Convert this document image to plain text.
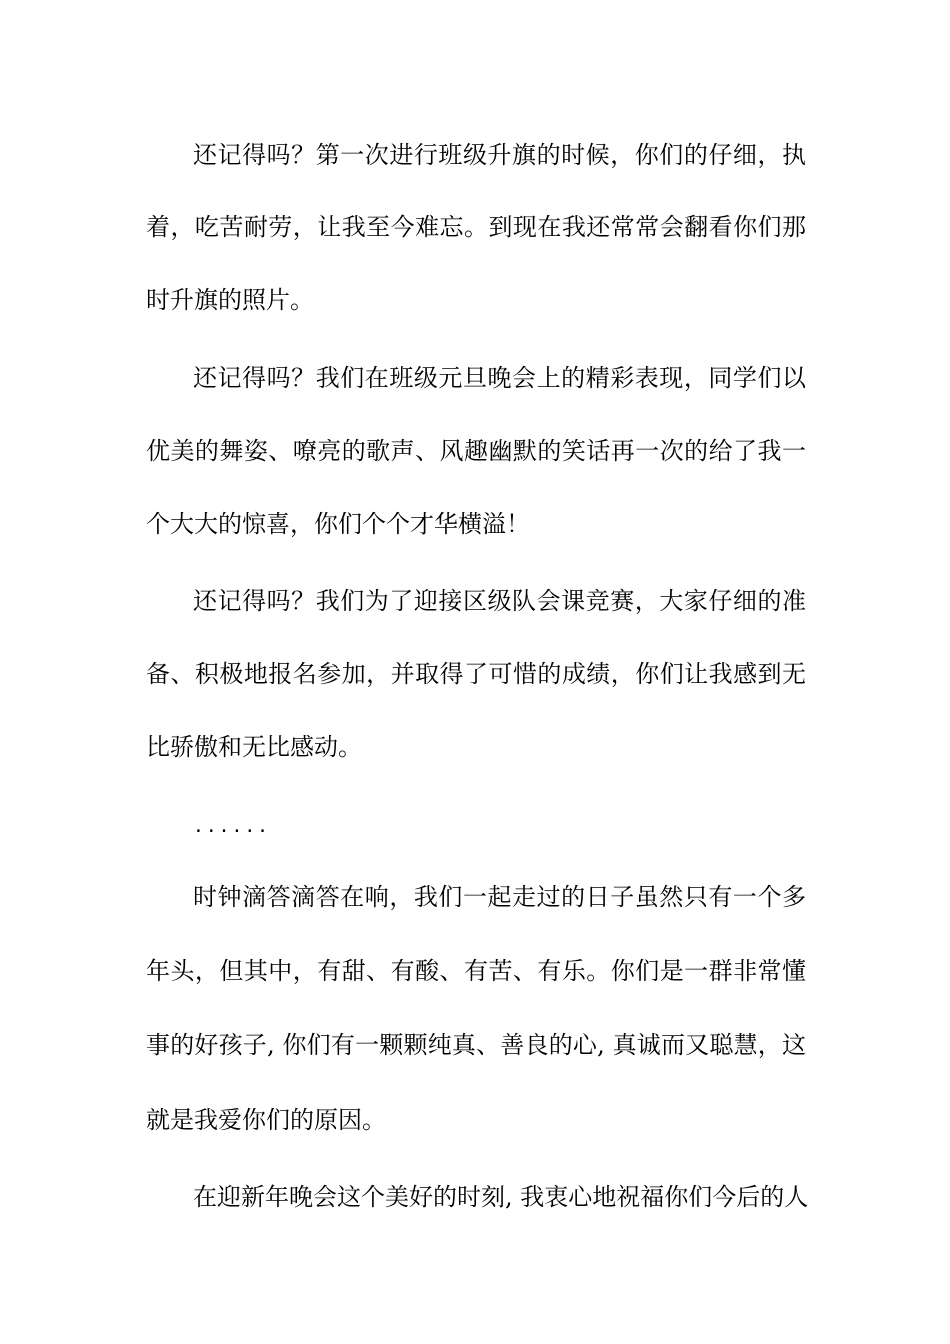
还记得吗？第一次进行班级升旗的时候，你们的仔细，执

着，吃苦耐劳，让我至今难忘。到现在我还常常会翻看你们那

时升旗的照片。

还记得吗？我们在班级元旦晚会上的精彩表现，同学们以

优美的舞姿、嘹亮的歌声、风趣幽默的笑话再一次的给了我一

个大大的惊喜，你们个个才华横溢！

还记得吗？我们为了迎接区级队会课竞赛，大家仔细的准

备、积极地报名参加，并取得了可惜的成绩，你们让我感到无

比骄傲和无比感动。

......

时钟滴答滴答在响，我们一起走过的日子虽然只有一个多

年头，但其中，有甜、有酸、有苦、有乐。你们是一群非常懂

事的好孩子, 你们有一颗颗纯真、善良的心, 真诚而又聪慧，这

就是我爱你们的原因。

在迎新年晚会这个美好的时刻, 我衷心地祝福你们今后的人
